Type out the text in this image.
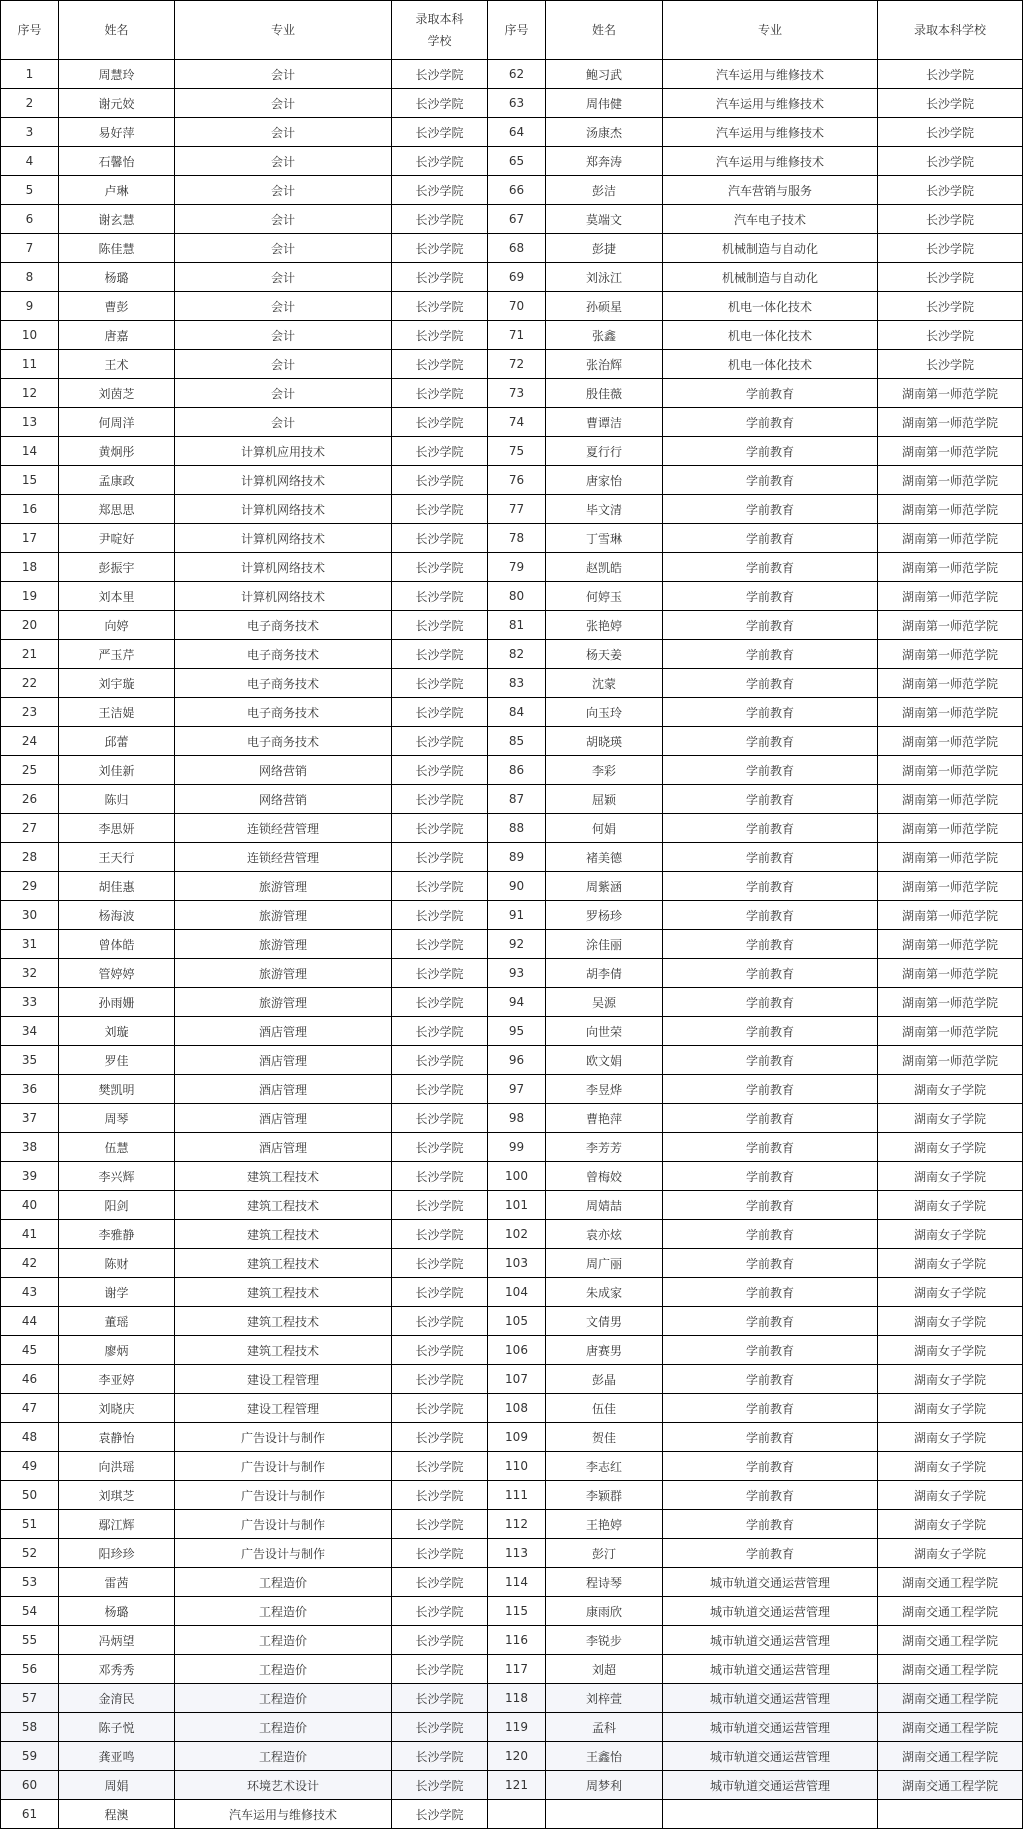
序号	姓名	专业	录取本科学校	序号	姓名	专业	录取本科学校
1	周慧玲	会计	长沙学院	62	鲍习武	汽车运用与维修技术	长沙学院
2	谢元姣	会计	长沙学院	63	周伟健	汽车运用与维修技术	长沙学院
3	易好萍	会计	长沙学院	64	汤康杰	汽车运用与维修技术	长沙学院
4	石馨怡	会计	长沙学院	65	郑奔涛	汽车运用与维修技术	长沙学院
5	卢琳	会计	长沙学院	66	彭洁	汽车营销与服务	长沙学院
6	谢玄慧	会计	长沙学院	67	莫端文	汽车电子技术	长沙学院
7	陈佳慧	会计	长沙学院	68	彭捷	机械制造与自动化	长沙学院
8	杨璐	会计	长沙学院	69	刘泳江	机械制造与自动化	长沙学院
9	曹彭	会计	长沙学院	70	孙硕星	机电一体化技术	长沙学院
10	唐嘉	会计	长沙学院	71	张鑫	机电一体化技术	长沙学院
11	王术	会计	长沙学院	72	张治辉	机电一体化技术	长沙学院
12	刘茵芝	会计	长沙学院	73	殷佳薇	学前教育	湖南第一师范学院
13	何周洋	会计	长沙学院	74	曹谭洁	学前教育	湖南第一师范学院
14	黄炯彤	计算机应用技术	长沙学院	75	夏行行	学前教育	湖南第一师范学院
15	孟康政	计算机网络技术	长沙学院	76	唐家怡	学前教育	湖南第一师范学院
16	郑思思	计算机网络技术	长沙学院	77	毕文清	学前教育	湖南第一师范学院
17	尹啶好	计算机网络技术	长沙学院	78	丁雪琳	学前教育	湖南第一师范学院
18	彭振宇	计算机网络技术	长沙学院	79	赵凯皓	学前教育	湖南第一师范学院
19	刘本里	计算机网络技术	长沙学院	80	何婷玉	学前教育	湖南第一师范学院
20	向婷	电子商务技术	长沙学院	81	张艳婷	学前教育	湖南第一师范学院
21	严玉芹	电子商务技术	长沙学院	82	杨天姜	学前教育	湖南第一师范学院
22	刘宇璇	电子商务技术	长沙学院	83	沈蒙	学前教育	湖南第一师范学院
23	王洁媞	电子商务技术	长沙学院	84	向玉玲	学前教育	湖南第一师范学院
24	邱蕾	电子商务技术	长沙学院	85	胡晓瑛	学前教育	湖南第一师范学院
25	刘佳新	网络营销	长沙学院	86	李彩	学前教育	湖南第一师范学院
26	陈归	网络营销	长沙学院	87	屈颖	学前教育	湖南第一师范学院
27	李思妍	连锁经营管理	长沙学院	88	何娟	学前教育	湖南第一师范学院
28	王天行	连锁经营管理	长沙学院	89	褚美德	学前教育	湖南第一师范学院
29	胡佳惠	旅游管理	长沙学院	90	周紫涵	学前教育	湖南第一师范学院
30	杨海波	旅游管理	长沙学院	91	罗杨珍	学前教育	湖南第一师范学院
31	曾体皓	旅游管理	长沙学院	92	涂佳丽	学前教育	湖南第一师范学院
32	管婷婷	旅游管理	长沙学院	93	胡李倩	学前教育	湖南第一师范学院
33	孙雨姗	旅游管理	长沙学院	94	吴源	学前教育	湖南第一师范学院
34	刘璇	酒店管理	长沙学院	95	向世荣	学前教育	湖南第一师范学院
35	罗佳	酒店管理	长沙学院	96	欧文娟	学前教育	湖南第一师范学院
36	樊凯明	酒店管理	长沙学院	97	李昱烨	学前教育	湖南女子学院
37	周琴	酒店管理	长沙学院	98	曹艳萍	学前教育	湖南女子学院
38	伍慧	酒店管理	长沙学院	99	李芳芳	学前教育	湖南女子学院
39	李兴辉	建筑工程技术	长沙学院	100	曾梅姣	学前教育	湖南女子学院
40	阳剑	建筑工程技术	长沙学院	101	周婧喆	学前教育	湖南女子学院
41	李雅静	建筑工程技术	长沙学院	102	袁亦炫	学前教育	湖南女子学院
42	陈财	建筑工程技术	长沙学院	103	周广丽	学前教育	湖南女子学院
43	谢学	建筑工程技术	长沙学院	104	朱成家	学前教育	湖南女子学院
44	董瑶	建筑工程技术	长沙学院	105	文倩男	学前教育	湖南女子学院
45	廖炳	建筑工程技术	长沙学院	106	唐赛男	学前教育	湖南女子学院
46	李亚婷	建设工程管理	长沙学院	107	彭晶	学前教育	湖南女子学院
47	刘晓庆	建设工程管理	长沙学院	108	伍佳	学前教育	湖南女子学院
48	袁静怡	广告设计与制作	长沙学院	109	贺佳	学前教育	湖南女子学院
49	向洪瑶	广告设计与制作	长沙学院	110	李志红	学前教育	湖南女子学院
50	刘琪芝	广告设计与制作	长沙学院	111	李颖群	学前教育	湖南女子学院
51	鄢江辉	广告设计与制作	长沙学院	112	王艳婷	学前教育	湖南女子学院
52	阳珍珍	广告设计与制作	长沙学院	113	彭汀	学前教育	湖南女子学院
53	雷茜	工程造价	长沙学院	114	程诗琴	城市轨道交通运营管理	湖南交通工程学院
54	杨璐	工程造价	长沙学院	115	康雨欣	城市轨道交通运营管理	湖南交通工程学院
55	冯炳望	工程造价	长沙学院	116	李锐步	城市轨道交通运营管理	湖南交通工程学院
56	邓秀秀	工程造价	长沙学院	117	刘超	城市轨道交通运营管理	湖南交通工程学院
57	金淯民	工程造价	长沙学院	118	刘梓萱	城市轨道交通运营管理	湖南交通工程学院
58	陈子悦	工程造价	长沙学院	119	孟科	城市轨道交通运营管理	湖南交通工程学院
59	龚亚鸣	工程造价	长沙学院	120	王鑫怡	城市轨道交通运营管理	湖南交通工程学院
60	周娟	环境艺术设计	长沙学院	121	周梦利	城市轨道交通运营管理	湖南交通工程学院
61	程澳	汽车运用与维修技术	长沙学院				
